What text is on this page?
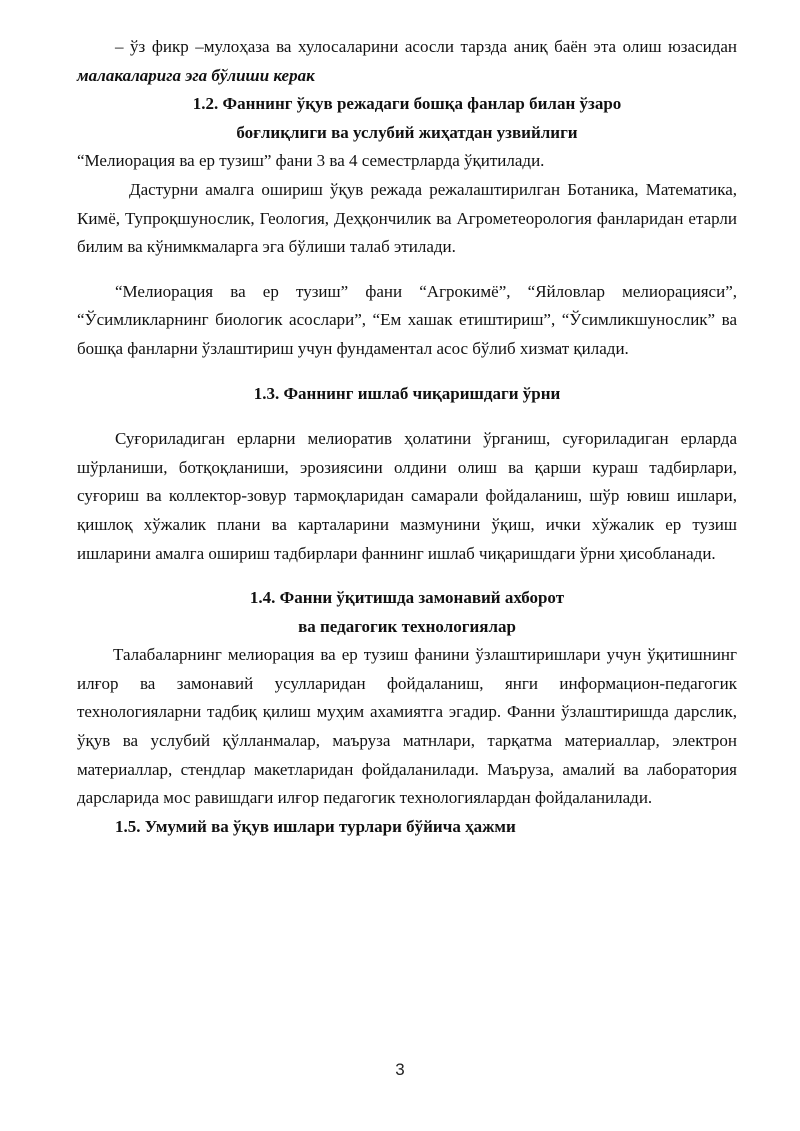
– ўз фикр –мулоҳаза ва хулосаларини асосли тарзда аниқ баён эта олиш юзасидан малакаларига эга бўлиши керак

1.2. Фаннинг ўқув режадаги бошқа фанлар билан ўзаро

боғлиқлиги ва услубий жиҳатдан узвийлиги

“Мелиорация ва ер тузиш” фани 3 ва 4 семестрларда ўқитилади.

Дастурни амалга ошириш ўқув режада режалаштирилган Ботаника, Математика, Кимё, Тупроқшунослик, Геология, Деҳқончилик ва Агрометеорология фанларидан етарли билим ва кўнимкмаларга эга бўлиши талаб этилади.

“Мелиорация ва ер тузиш” фани “Агрокимё”, “Яйловлар мелиорацияси”, “Ўсимликларнинг биологик асослари”, “Ем хашак етиштириш”, “Ўсимликшунослик” ва бошқа фанларни ўзлаштириш учун фундаментал асос бўлиб хизмат қилади.

1.3. Фаннинг ишлаб чиқаришдаги ўрни

Суғориладиган ерларни мелиоратив ҳолатини ўрганиш, суғориладиган ерларда шўрланиши, ботқоқланиши, эрозиясини олдини олиш ва қарши кураш тадбирлари, суғориш ва коллектор-зовур тармоқларидан самарали фойдаланиш, шўр ювиш ишлари, қишлоқ хўжалик плани ва карталарини мазмунини ўқиш, ички хўжалик ер тузиш ишларини амалга ошириш тадбирлари фаннинг ишлаб чиқаришдаги ўрни ҳисобланади.

1.4. Фанни ўқитишда замонавий ахборот

ва педагогик технологиялар

Талабаларнинг мелиорация ва ер тузиш фанини ўзлаштиришлари учун ўқитишнинг илғор ва замонавий усулларидан фойдаланиш, янги информацион-педагогик технологияларни тадбиқ қилиш муҳим ахамиятга эгадир. Фанни ўзлаштиришда дарслик, ўқув ва услубий қўлланмалар, маъруза матнлари, тарқатма материаллар, электрон материаллар, стендлар макетларидан фойдаланилади. Маъруза, амалий ва лаборатория дарсларида мос равишдаги илғор педагогик технологиялардан фойдаланилади.

1.5. Умумий ва ўқув ишлари турлари бўйича ҳажми

3
